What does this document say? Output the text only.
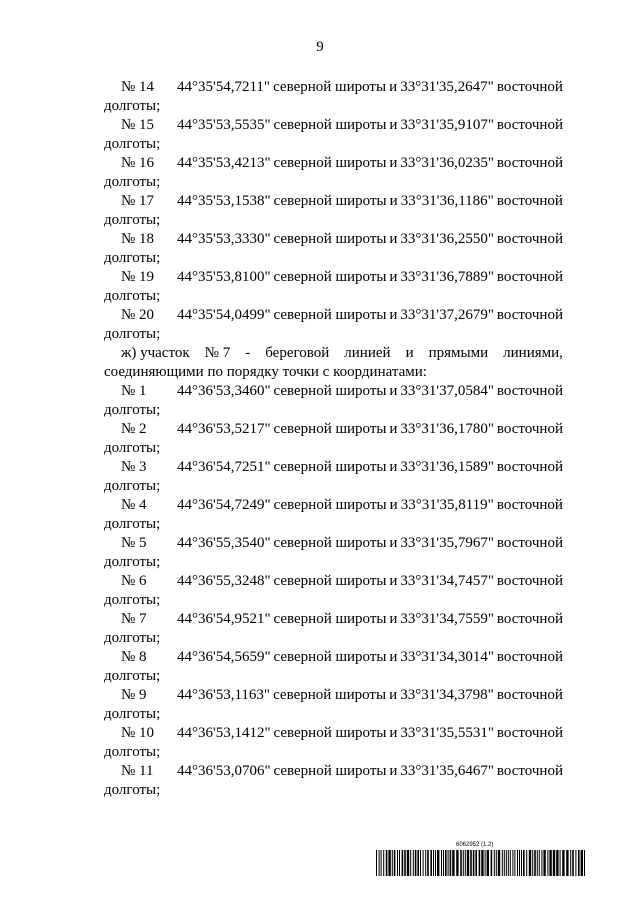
9
№ 14 44°35'54,7211" северной широты и 33°31'35,2647" восточной
долготы;
№ 15 44°35'53,5535" северной широты и 33°31'35,9107" восточной
долготы;
№ 16 44°35'53,4213" северной широты и 33°31'36,0235" восточной
долготы;
№ 17 44°35'53,1538" северной широты и 33°31'36,1186" восточной
долготы;
№ 18 44°35'53,3330" северной широты и 33°31'36,2550" восточной
долготы;
№ 19 44°35'53,8100" северной широты и 33°31'36,7889" восточной
долготы;
№ 20 44°35'54,0499" северной широты и 33°31'37,2679" восточной
долготы;
ж) участок № 7 - береговой линией и прямыми линиями,
соединяющими по порядку точки с координатами:
№ 1 44°36'53,3460" северной широты и 33°31'37,0584" восточной
долготы;
№ 2 44°36'53,5217" северной широты и 33°31'36,1780" восточной
долготы;
№ 3 44°36'54,7251" северной широты и 33°31'36,1589" восточной
долготы;
№ 4 44°36'54,7249" северной широты и 33°31'35,8119" восточной
долготы;
№ 5 44°36'55,3540" северной широты и 33°31'35,7967" восточной
долготы;
№ 6 44°36'55,3248" северной широты и 33°31'34,7457" восточной
долготы;
№ 7 44°36'54,9521" северной широты и 33°31'34,7559" восточной
долготы;
№ 8 44°36'54,5659" северной широты и 33°31'34,3014" восточной
долготы;
№ 9 44°36'53,1163" северной широты и 33°31'34,3798" восточной
долготы;
№ 10 44°36'53,1412" северной широты и 33°31'35,5531" восточной
долготы;
№ 11 44°36'53,0706" северной широты и 33°31'35,6467" восточной
долготы;
6062952 (1.2)
